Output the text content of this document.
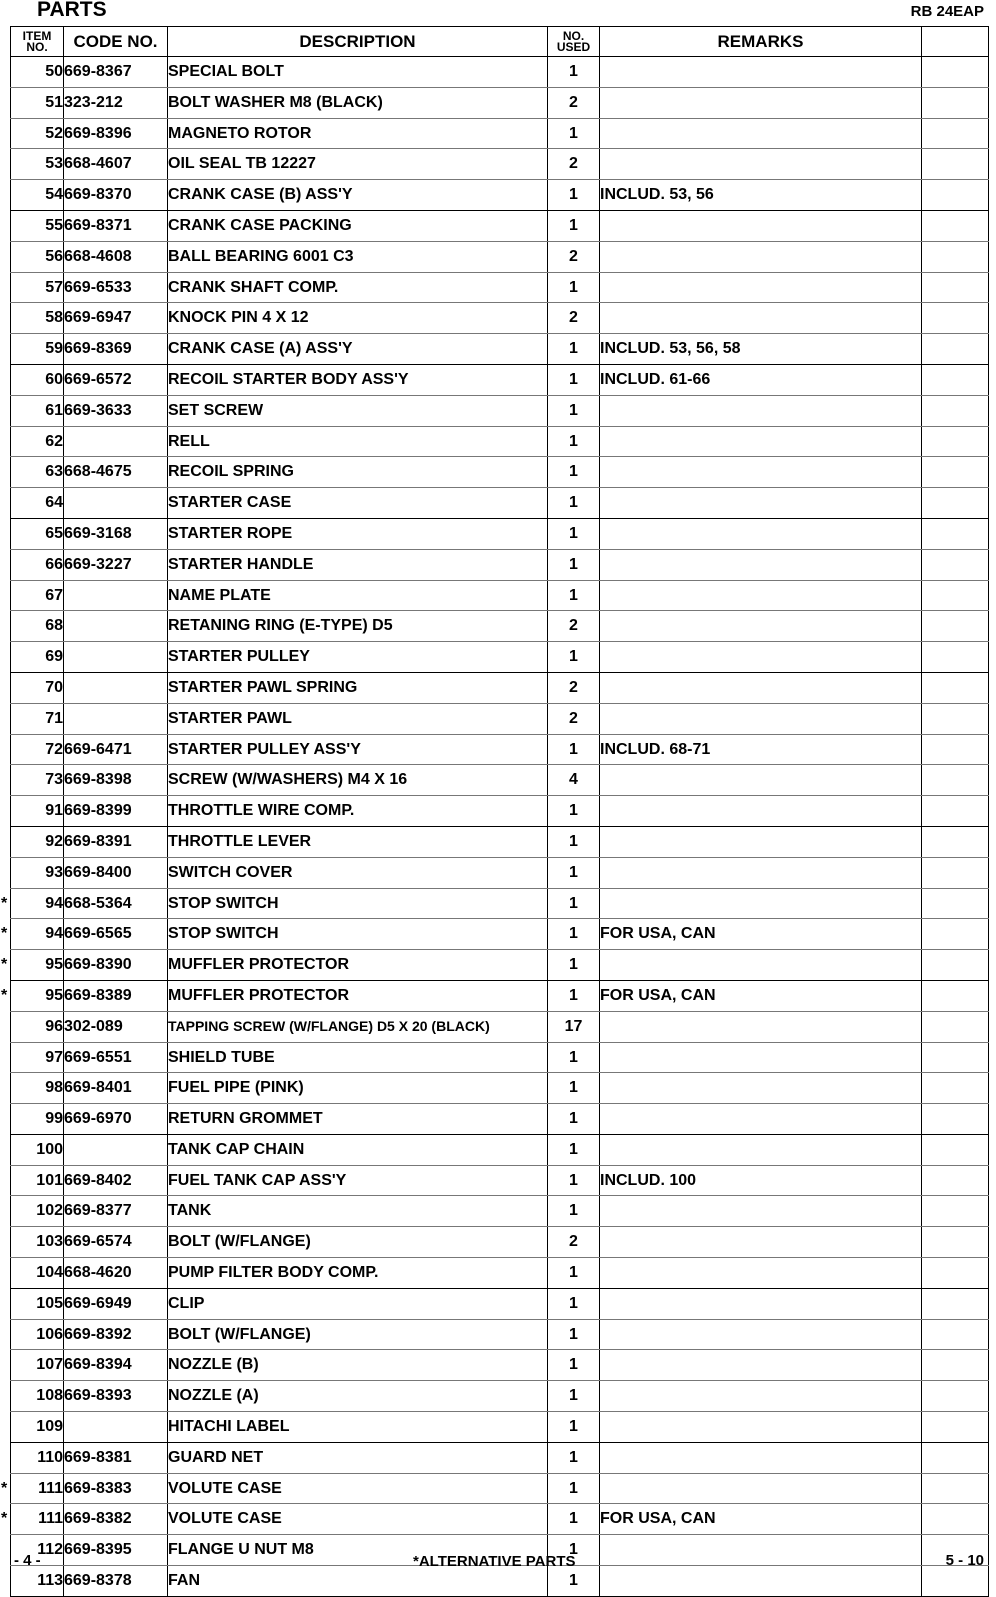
PARTS	RB 24EAP
ITEM
NO.	CODE NO.	DESCRIPTION	NO.
USED	REMARKS	
50	669-8367	SPECIAL BOLT	1		
51	323-212	BOLT WASHER M8 (BLACK)	2		
52	669-8396	MAGNETO ROTOR	1		
53	668-4607	OIL SEAL TB 12227	2		
54	669-8370	CRANK CASE (B) ASS'Y	1	INCLUD. 53, 56	
55	669-8371	CRANK CASE PACKING	1		
56	668-4608	BALL BEARING 6001 C3	2		
57	669-6533	CRANK SHAFT COMP.	1		
58	669-6947	KNOCK PIN 4 X 12	2		
59	669-8369	CRANK CASE (A) ASS'Y	1	INCLUD. 53, 56, 58	
60	669-6572	RECOIL STARTER BODY ASS'Y	1	INCLUD. 61-66	
61	669-3633	SET SCREW	1		
62		RELL	1		
63	668-4675	RECOIL SPRING	1		
64		STARTER CASE	1		
65	669-3168	STARTER ROPE	1		
66	669-3227	STARTER HANDLE	1		
67		NAME PLATE	1		
68		RETANING RING (E-TYPE) D5	2		
69		STARTER PULLEY	1		
70		STARTER PAWL SPRING	2		
71		STARTER PAWL	2		
72	669-6471	STARTER PULLEY ASS'Y	1	INCLUD. 68-71	
73	669-8398	SCREW (W/WASHERS) M4 X 16	4		
91	669-8399	THROTTLE WIRE COMP.	1		
92	669-8391	THROTTLE LEVER	1		
93	669-8400	SWITCH COVER	1		

* 94	668-5364	STOP SWITCH	1		

* 94	669-6565	STOP SWITCH	1	FOR USA, CAN	

* 95	669-8390	MUFFLER PROTECTOR	1		

* 95	669-8389	MUFFLER PROTECTOR	1	FOR USA, CAN	
96	302-089	TAPPING SCREW (W/FLANGE) D5 X 20 (BLACK)	17		
97	669-6551	SHIELD TUBE	1		
98	669-8401	FUEL PIPE (PINK)	1		
99	669-6970	RETURN GROMMET	1		
100		TANK CAP CHAIN	1		
101	669-8402	FUEL TANK CAP ASS'Y	1	INCLUD. 100	
102	669-8377	TANK	1		
103	669-6574	BOLT (W/FLANGE)	2		
104	668-4620	PUMP FILTER BODY COMP.	1		
105	669-6949	CLIP	1		
106	669-8392	BOLT (W/FLANGE)	1		
107	669-8394	NOZZLE (B)	1		
108	669-8393	NOZZLE (A)	1		
109		HITACHI LABEL	1		
110	669-8381	GUARD NET	1		

* 111	669-8383	VOLUTE CASE	1		

* 111	669-8382	VOLUTE CASE	1	FOR USA, CAN	
112	669-8395	FLANGE U NUT M8	1		
113	669-8378	FAN	1		
- 4 -	*ALTERNATIVE PARTS	5 - 10
